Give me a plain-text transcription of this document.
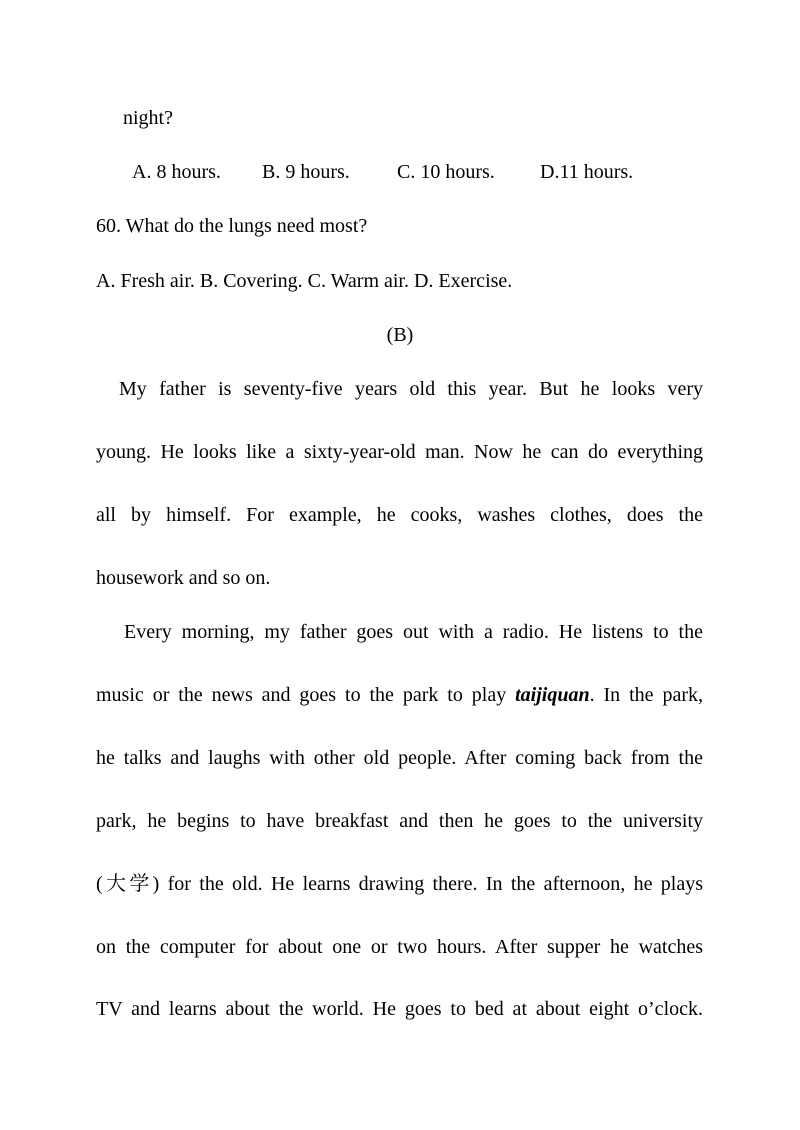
night?
A. 8 hours. B. 9 hours. C. 10 hours. D.11 hours.
60. What do the lungs need most?
A. Fresh air. B. Covering. C. Warm air. D. Exercise.
(B)
My father is seventy-five years old this year. But he looks very
young. He looks like a sixty-year-old man. Now he can do everything
all by himself. For example, he cooks, washes clothes, does the
housework and so on.
Every morning, my father goes out with a radio. He listens to the
music or the news and goes to the park to play taijiquan. In the park,
he talks and laughs with other old people. After coming back from the
park, he begins to have breakfast and then he goes to the university
(大学) for the old. He learns drawing there. In the afternoon, he plays
on the computer for about one or two hours. After supper he watches
TV and learns about the world. He goes to bed at about eight o’clock.
